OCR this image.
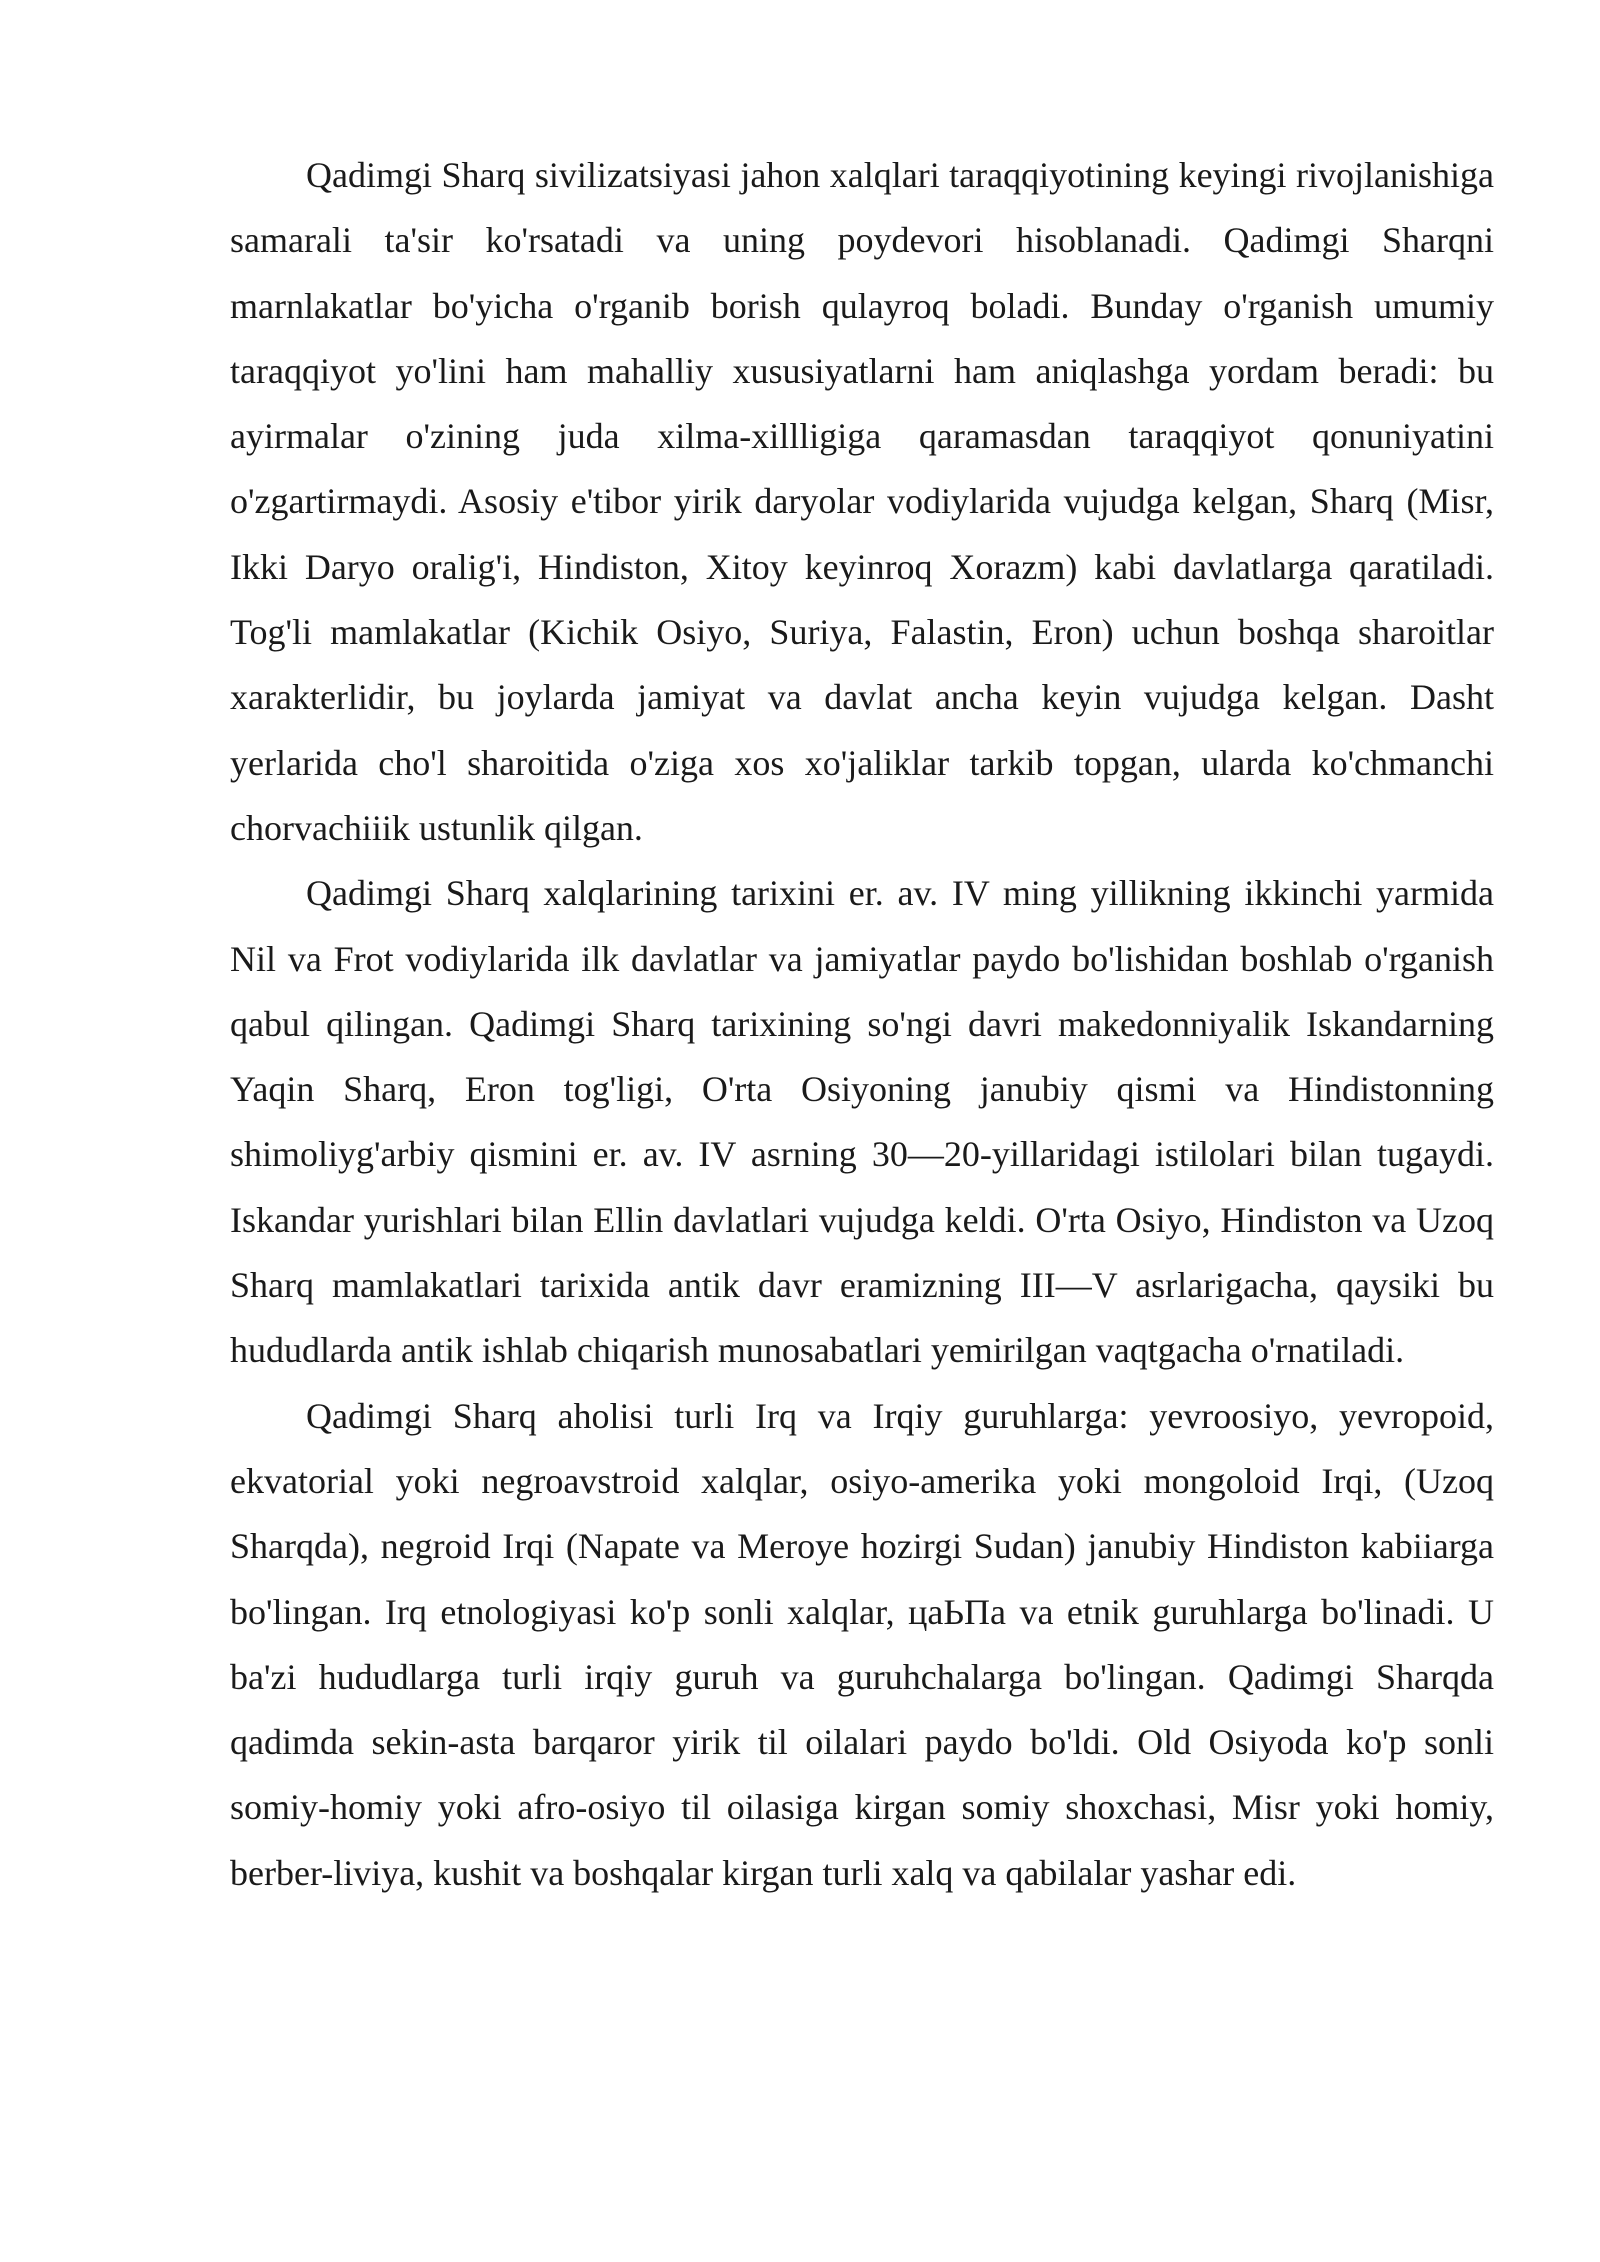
Qadimgi Sharq sivilizatsiyasi jahon xalqlari taraqqiyotining keyingi rivojlanishiga samarali ta'sir ko'rsatadi va uning poydevori hisoblanadi. Qadimgi Sharqni marnlakatlar bo'yicha o'rganib borish qulayroq boladi. Bunday o'rganish umumiy taraqqiyot yo'lini ham mahalliy xususiyatlarni ham aniqlashga yordam beradi: bu ayirmalar o'zining juda xilma-xillligiga qaramasdan taraqqiyot qonuniyatini o'zgartirmaydi. Asosiy e'tibor yirik daryolar vodiylarida vujudga kelgan, Sharq (Misr, Ikki Daryo oralig'i, Hindiston, Xitoy keyinroq Xorazm) kabi davlatlarga qaratiladi. Tog'li mamlakatlar (Kichik Osiyo, Suriya, Falastin, Eron) uchun boshqa sharoitlar xarakterlidir, bu joylarda jamiyat va davlat ancha keyin vujudga kelgan. Dasht yerlarida cho'l sharoitida o'ziga xos xo'jaliklar tarkib topgan, ularda ko'chmanchi chorvachiiik ustunlik qilgan.

Qadimgi Sharq xalqlarining tarixini er. av. IV ming yillikning ikkinchi yarmida Nil va Frot vodiylarida ilk davlatlar va jamiyatlar paydo bo'lishidan boshlab o'rganish qabul qilingan. Qadimgi Sharq tarixining so'ngi davri makedonniyalik Iskandarning Yaqin Sharq, Eron tog'ligi, O'rta Osiyoning janubiy qismi va Hindistonning shimoliyg'arbiy qismini er. av. IV asrning 30—20-yillaridagi istilolari bilan tugaydi. Iskandar yurishlari bilan Ellin davlatlari vujudga keldi. O'rta Osiyo, Hindiston va Uzoq Sharq mamlakatlari tarixida antik davr eramizning III—V asrlarigacha, qaysiki bu hududlarda antik ishlab chiqarish munosabatlari yemirilgan vaqtgacha o'rnatiladi.

Qadimgi Sharq aholisi turli Irq va Irqiy guruhlarga: yevroosiyo, yevropoid, ekvatorial yoki negroavstroid xalqlar, osiyo-amerika yoki mongoloid Irqi, (Uzoq Sharqda), negroid Irqi (Napate va Meroye hozirgi Sudan) janubiy Hindiston kabiiarga bo'lingan. Irq etnologiyasi ko'p sonli xalqlar, цаЬПа va etnik guruhlarga bo'linadi. U ba'zi hududlarga turli irqiy guruh va guruhchalarga bo'lingan. Qadimgi Sharqda qadimda sekin-asta barqaror yirik til oilalari paydo bo'ldi. Old Osiyoda ko'p sonli somiy-homiy yoki afro-osiyo til oilasiga kirgan somiy shoxchasi, Misr yoki homiy, berber-liviya, kushit va boshqalar kirgan turli xalq va qabilalar yashar edi.
